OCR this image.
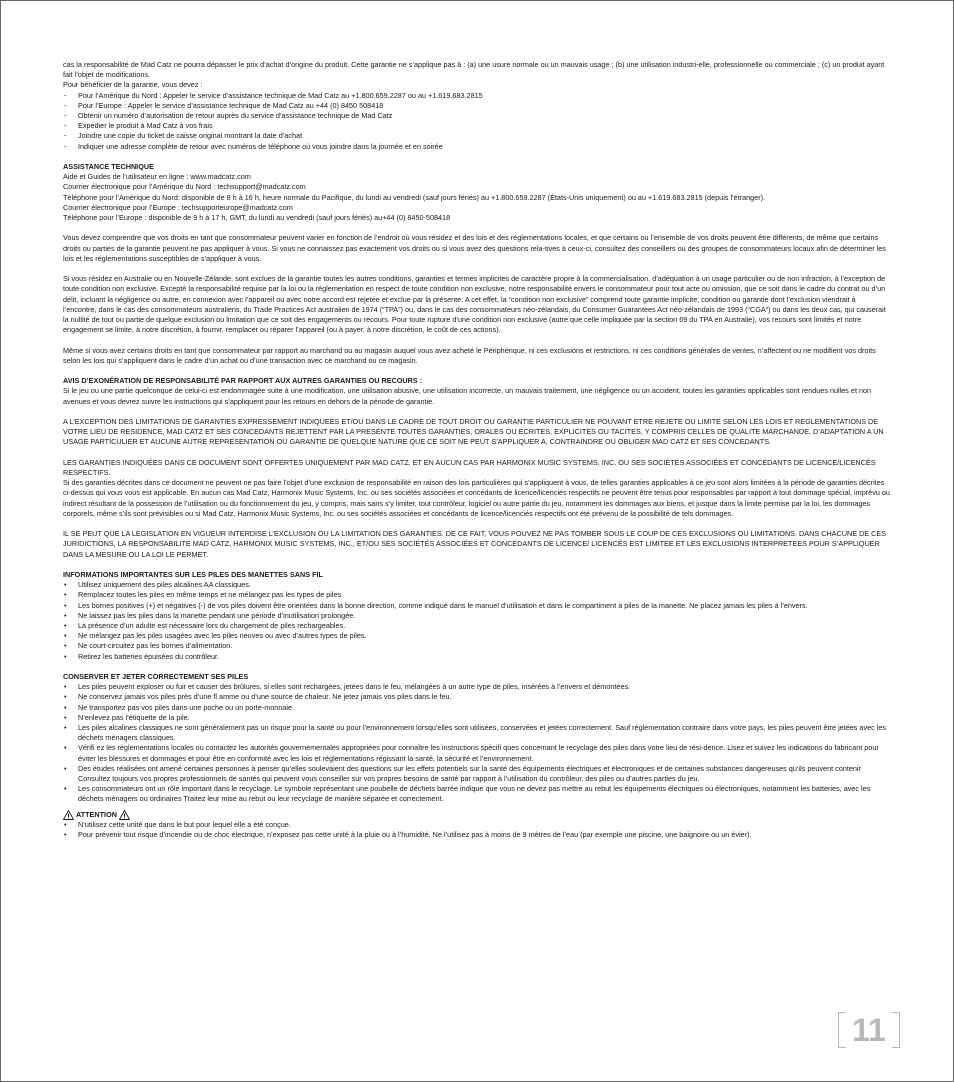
cas la responsabilité de Mad Catz ne pourra dépasser le prix d’achat d’origine du produit. Cette garantie ne s’applique pas à : (a) une usure normale ou un mauvais usage ; (b) une utilisation industri-elle, professionnelle ou commerciale ; (c) un produit ayant fait l’objet de modifications.

Pour bénéficier de la garantie, vous devez :

- Pour l’Amérique du Nord : Appeler le service d’assistance technique de Mad Catz au +1.800.659.2287 ou au +1.619.683.2815
- Pour l’Europe : Appeler le service d’assistance technique de Mad Catz au +44 (0) 8450 508418
- Obtenir un numéro d’autorisation de retour auprès du service d’assistance technique de Mad Catz
- Expédier le produit à Mad Catz à vos frais
- Joindre une copie du ticket de caisse original montrant la date d’achat
- Indiquer une adresse complète de retour avec numéros de téléphone où vous joindre dans la journée et en soirée

ASSISTANCE TECHNIQUE

Aide et Guides de l’utilisateur en ligne : www.madcatz.com

Courrier électronique pour l’Amérique du Nord : techsupport@madcatz.com

Téléphone pour l’Amérique du Nord: disponible de 8 h à 16 h, heure normale du Pacifique, du lundi au vendredi (sauf jours fériés) au +1.800.659.2287 (États-Unis uniquement) ou au +1.619.683.2815 (depuis l’étranger).

Courrier électronique pour l’Europe : techsupporteurope@madcatz.com

Téléphone pour l’Europe : disponible de 9 h à 17 h, GMT, du lundi au vendredi (sauf jours fériés) au+44 (0) 8450-508418

Vous devez comprendre que vos droits en tant que consommateur peuvent varier en fonction de l’endroit où vous résidez et des lois et des réglementations locales, et que certains ou l’ensemble de vos droits peuvent être différents, de même que certains droits ou parties de la garantie peuvent ne pas appliquer à vous. Si vous ne connaissez pas exactement vos droits ou si vous avez des questions rela-tives à ceux-ci, consultez des conseillers ou des groupes de consommateurs locaux afin de déterminer les lois et les réglementations susceptibles de s’appliquer à vous.

Si vous résidez en Australie ou en Nouvelle-Zélande, sont exclues de la garantie toutes les autres conditions, garanties et termes implicites de caractère propre à la commercialisation, d’adéquation à un usage particulier ou de non infraction, à l’exception de toute condition non exclusive. Excepté la responsabilité requise par la loi ou la réglementation en respect de toute condition non exclusive, notre responsabilité envers le consommateur pour tout acte ou omission, que ce soit dans le cadre du contrat ou d’un délit, incluant la négligence ou autre, en connexion avec l’appareil ou avec notre accord est rejetée et exclue par la présente. A cet effet, la “condition non exclusive” comprend toute garantie implicite, condition ou garantie dont l’exclusion viendrait à l’encontre, dans le cas des consommateurs australiens, du Trade Practices Act australien de 1974 (“TPA”) ou, dans le cas des consommateurs néo-zélandais, du Consumer Guarantees Act néo-zélandais de 1993 (“CGA”) ou dans les deux cas, qui causerait la nullité de tout ou partie de quelque exclusion ou limitation que ce soit des engagements ou recours. Pour toute rupture d’une condition non exclusive (autre que celle impliquée par la section 69 du TPA en Australie), vos recours sont limités et notre engagement se limite, à notre discrétion, à fournir, remplacer ou réparer l’appareil (ou à payer, à notre discrétion, le coût de ces actions).

Même si vous avez certains droits en tant que consommateur par rapport au marchand ou au magasin auquel vous avez acheté le Périphérique, ni ces exclusions et restrictions, ni ces conditions générales de ventes, n’affectent ou ne modifient vos droits selon les lois qui s’appliquent dans le cadre d’un achat ou d’une transaction avec ce marchand ou ce magasin.

AVIS D’EXONÉRATION DE RESPONSABILITÉ PAR RAPPORT AUX AUTRES GARANTIES OU RECOURS :

Si le jeu ou une partie quelconque de celui-ci est endommagée suite à une modification, une utilisation abusive, une utilisation incorrecte, un mauvais traitement, une négligence ou un accident, toutes les garanties applicables sont rendues nulles et non avenues et vous devrez suivre les instructions qui s’appliquent pour les retours en dehors de la période de garantie.

A L’EXCEPTION DES LIMITATIONS DE GARANTIES EXPRESSEMENT INDIQUEES ET/OU DANS LE CADRE DE TOUT DROIT OU GARANTIE PARTICULIER NE POUVANT ETRE REJETE OU LIMITE SELON LES LOIS ET REGLEMENTATIONS DE VOTRE LIEU DE RESIDENCE, MAD CATZ ET SES CONCEDANTS REJETTENT PAR LA PRESENTE TOUTES GARANTIES, ORALES OU ECRITES, EXPLICITES OU TACITES, Y COMPRIS CELLES DE QUALITE MARCHANDE, D’ADAPTATION A UN USAGE PARTICULIER ET AUCUNE AUTRE REPRESENTATION OU GARANTIE DE QUELQUE NATURE QUE CE SOIT NE PEUT S’APPLIQUER A, CONTRAINDRE OU OBLIGER MAD CATZ ET SES CONCEDANTS.

LES GARANTIES INDIQUÉES DANS CE DOCUMENT SONT OFFERTES UNIQUEMENT PAR MAD CATZ, ET EN AUCUN CAS PAR HARMONIX MUSIC SYSTEMS, INC. OU SES SOCIÉTÉS ASSOCIÉES ET CONCÉDANTS DE LICENCE/LICENCÉS RESPECTIFS.

Si des garanties décrites dans ce document ne peuvent ne pas faire l’objet d’une exclusion de responsabilité en raison des lois particulières qui s’appliquent à vous, de telles garanties applicables à ce jeu sont alors limitées à la période de garanties décrites ci-dessus qui vous vous est applicable. En aucun cas Mad Catz, Harmonix Music Systems, Inc. ou ses sociétés associées et concédants de licence/licenciés respectifs ne peuvent être tenus pour responsables par rapport à tout dommage spécial, imprévu ou indirect résultant de la possession de l’utilisation ou du fonctionnement du jeu, y compris, mais sans s’y limiter, tout contrôleur, logiciel ou autre partie du jeu, notamment les dommages aux biens, et jusque dans la limite permise par la loi, les dommages corporels, même s’ils sont prévisibles ou si Mad Catz, Harmonix Music Systems, Inc. ou ses sociétés associées et concédants de licence/licenciés respectifs ont été prévenu de la possibilité de tels dommages.

IL SE PEUT QUE LA LEGISLATION EN VIGUEUR INTERDISE L’EXCLUSION OU LA LIMITATION DES GARANTIES. DE CE FAIT, VOUS POUVEZ NE PAS TOMBER SOUS LE COUP DE CES EXCLUSIONS OU LIMITATIONS. DANS CHACUNE DE CES JURIDICTIONS, LA RESPONSABILITE MAD CATZ, HARMONIX MUSIC SYSTEMS, INC., ET/OU SES SOCIÉTÉS ASSOCIÉES ET CONCÉDANTS DE LICENCE/ LICENCÉS EST LIMITEE ET LES EXCLUSIONS INTERPRETEES POUR S’APPLIQUER DANS LA MESURE OU LA LOI LE PERMET.

INFORMATIONS IMPORTANTES SUR LES PILES DES MANETTES SANS FIL

• Utilisez uniquement des piles alcalines AA classiques.
• Remplacez toutes les piles en même temps et ne mélangez pas les types de piles.
• Les bornes positives (+) et négatives (-) de vos piles doivent être orientées dans la bonne direction, comme indiqué dans le manuel d’utilisation et dans le compartiment à piles de la manette. Ne placez jamais les piles à l’envers.
• Ne laissez pas les piles dans la manette pendant une période d’inutilisation prolongée.
• La présence d’un adulte est nécessaire lors du chargement de piles rechargeables.
• Ne mélangez pas les piles usagées avec les piles neuves ou avec d’autres types de piles.
• Ne court-circuitez pas les bornes d’alimentation.
• Retirez les batteries épuisées du contrôleur.

CONSERVER ET JETER CORRECTEMENT SES PILES

• Les piles peuvent exploser ou fuir et causer des brûlures, si elles sont rechargées, jetées dans le feu, mélangées à un autre type de piles, insérées à l’envers et démontées.
• Ne conservez jamais vos piles près d’une fl amme ou d’une source de chaleur. Ne jetez jamais vos piles dans le feu.
• Ne transportez pas vos piles dans une poche ou un porte-monnaie.
• N’enlevez pas l’étiquette de la pile.
• Les piles alcalines classiques ne sont généralement pas un risque pour la santé ou pour l’environnement lorsqu’elles sont utilisées, conservées et jetées correctement. Sauf réglementation contraire dans votre pays, les piles peuvent être jetées avec les déchets ménagers classiques.
• Vérifi ez les réglementations locales ou contactez les autorités gouvernementales appropriées pour connaître les instructions spécifi ques concernant le recyclage des piles dans votre lieu de rési-dence. Lisez et suivez les indications du fabricant pour éviter les blessures et dommages et pour être en conformité avec les lois et réglementations régissant la santé, la sécurité et l’environnement.
• Des études réalisées ont amené certaines personnes à penser qu’elles soulevaient des questions sur les effets potentiels sur la santé des équipements électriques et électroniques et de certaines substances dangereuses qu’ils peuvent contenir Consultez toujours vos propres professionnels de santés qui peuvent vous conseiller sur vos propres besoins de santé par rapport à l’utilisation du contrôleur, des piles ou d’autres parties du jeu.
• Les consommateurs ont un rôle important dans le recyclage. Le symbole représentant une poubelle de déchets barrée indique que vous ne devez pas mettre au rebut les équipements électriques ou électroniques, notamment les batteries, avec les déchets ménagers ou ordinaires Traitez leur mise au rebut ou leur recyclage de manière séparée et correctement.
ATTENTION
• N’utilisez cette unité que dans le but pour lequel elle a été conçue.
• Pour prévenir tout risque d’incendie ou de choc électrique, n’exposez pas cette unité à la pluie ou à l’humidité. Ne l’utilisez pas à moins de 9 mètres de l’eau (par exemple une piscine, une baignoire ou un évier).
11
